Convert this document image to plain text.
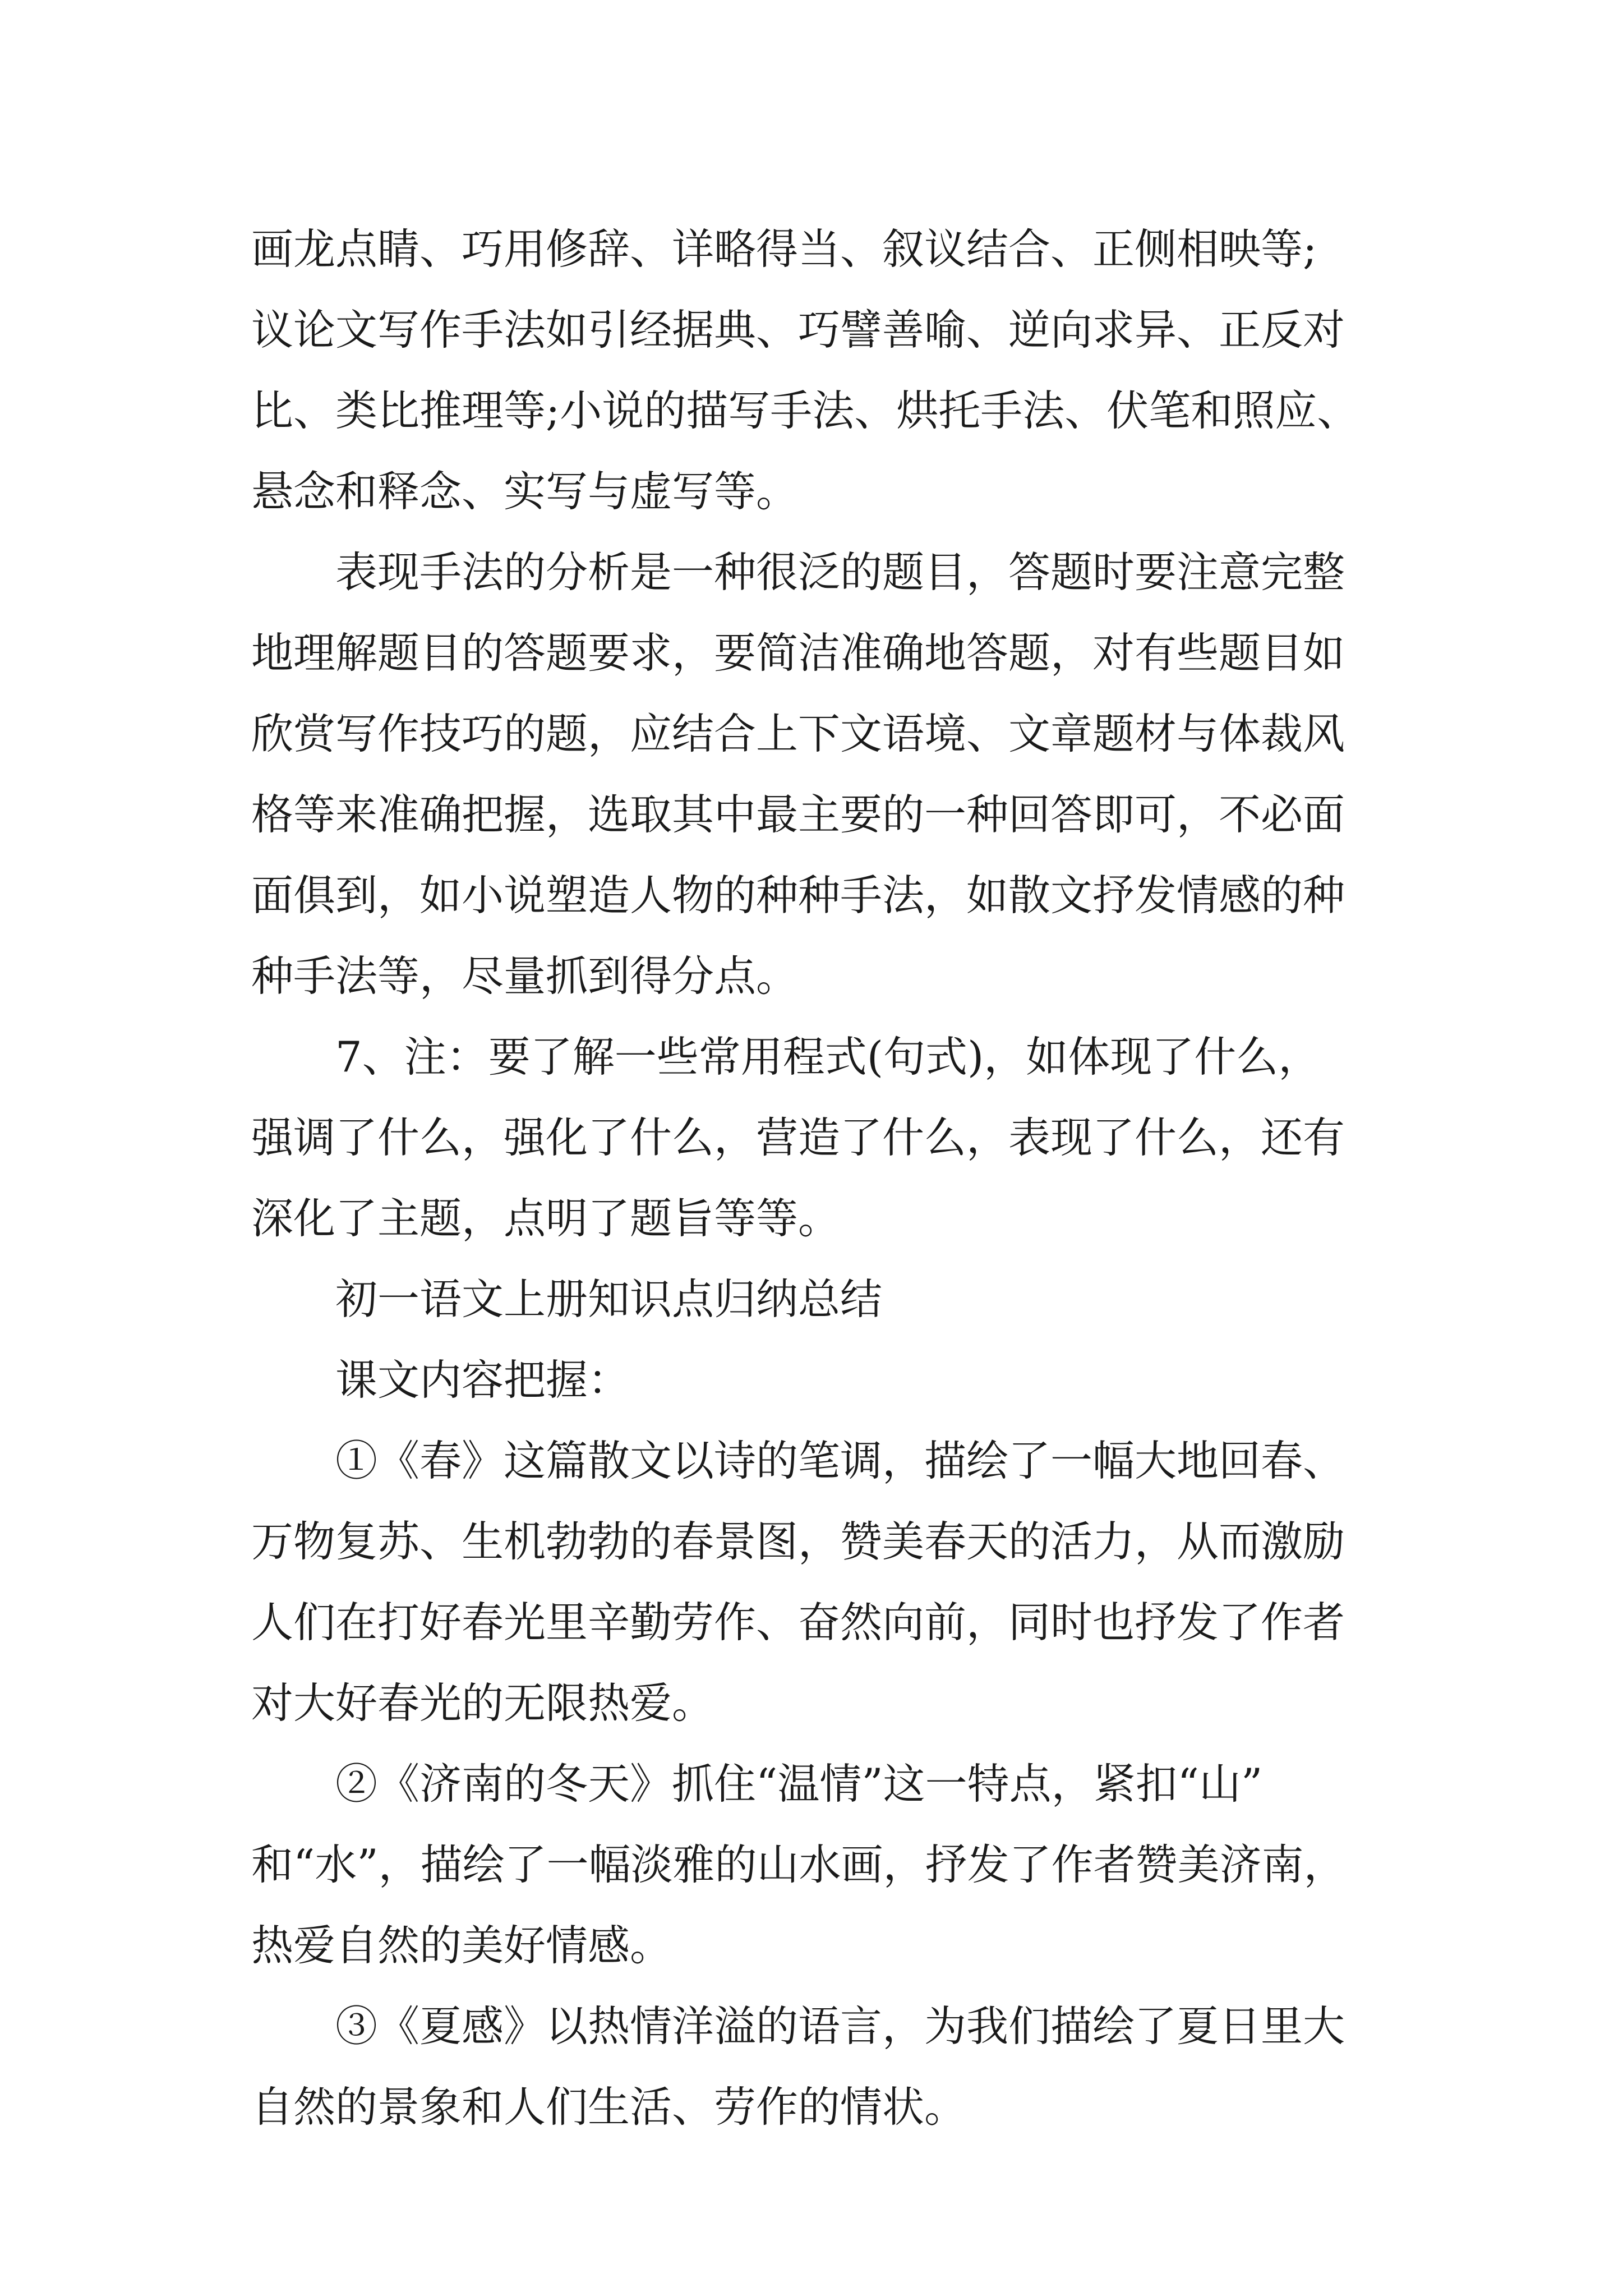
画龙点睛、巧用修辞、详略得当、叙议结合、正侧相映等;
议论文写作手法如引经据典、巧譬善喻、逆向求异、正反对
比、类比推理等;小说的描写手法、烘托手法、伏笔和照应、
悬念和释念、实写与虚写等。
表现手法的分析是一种很泛的题目，答题时要注意完整
地理解题目的答题要求，要简洁准确地答题，对有些题目如
欣赏写作技巧的题，应结合上下文语境、文章题材与体裁风
格等来准确把握，选取其中最主要的一种回答即可，不必面
面俱到，如小说塑造人物的种种手法，如散文抒发情感的种
种手法等，尽量抓到得分点。
7、注：要了解一些常用程式(句式)，如体现了什么，
强调了什么，强化了什么，营造了什么，表现了什么，还有
深化了主题，点明了题旨等等。
初一语文上册知识点归纳总结
课文内容把握：
①《春》这篇散文以诗的笔调，描绘了一幅大地回春、
万物复苏、生机勃勃的春景图，赞美春天的活力，从而激励
人们在打好春光里辛勤劳作、奋然向前，同时也抒发了作者
对大好春光的无限热爱。
②《济南的冬天》抓住“温情”这一特点，紧扣“山”
和“水”，描绘了一幅淡雅的山水画，抒发了作者赞美济南，
热爱自然的美好情感。
③《夏感》以热情洋溢的语言，为我们描绘了夏日里大
自然的景象和人们生活、劳作的情状。
